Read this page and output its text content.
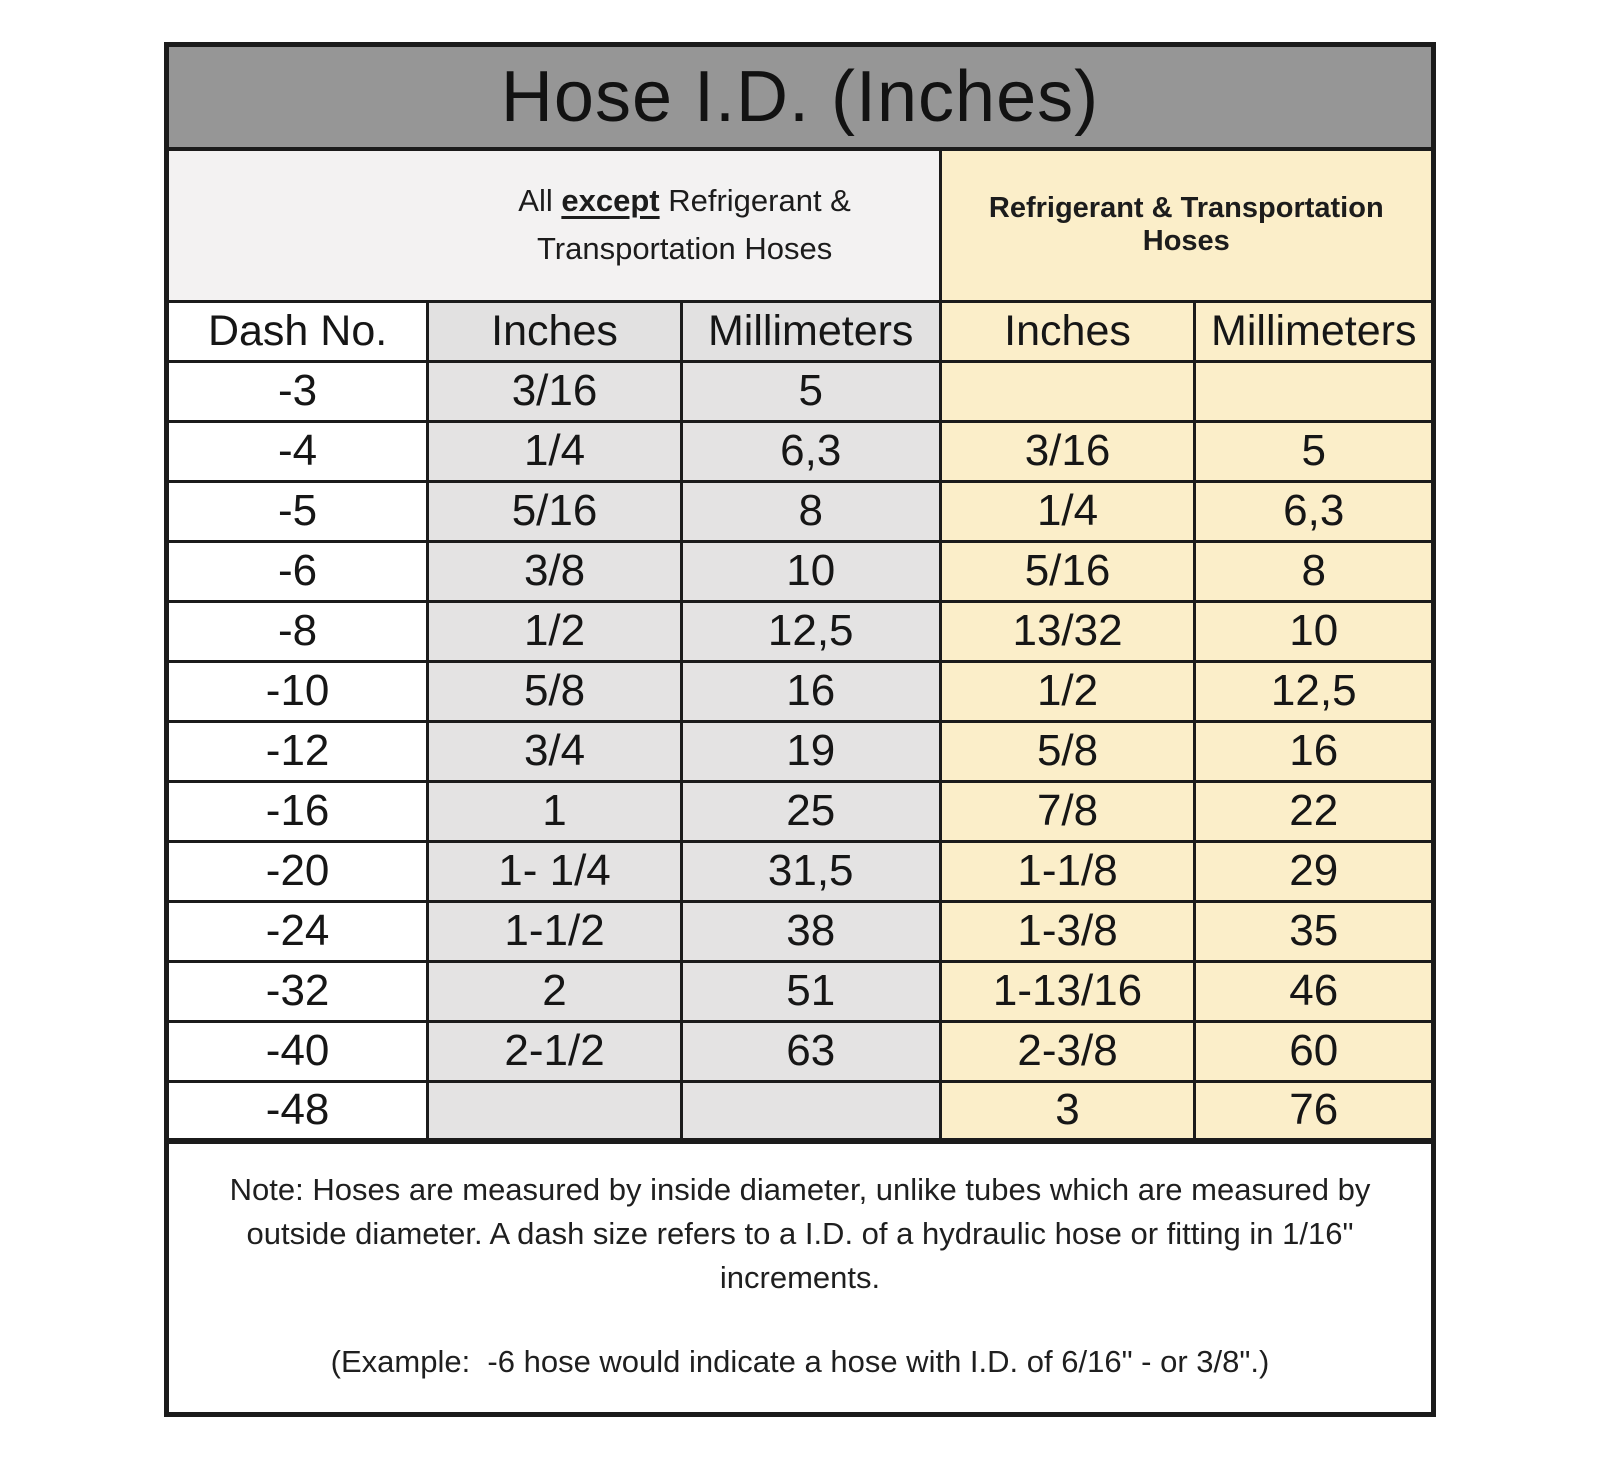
Hose I.D. (Inches)				

All except Refrigerant &
Transportation Hoses			Refrigerant & Transportation Hoses	
Dash No.	Inches	Millimeters	Inches	Millimeters
-3	3/16	5		
-4	1/4	6,3	3/16	5
-5	5/16	8	1/4	6,3
-6	3/8	10	5/16	8
-8	1/2	12,5	13/32	10
-10	5/8	16	1/2	12,5
-12	3/4	19	5/8	16
-16	1	25	7/8	22
-20	1- 1/4	31,5	1-1/8	29
-24	1-1/2	38	1-3/8	35
-32	2	51	1-13/16	46
-40	2-1/2	63	2-3/8	60
-48			3	76

Note: Hoses are measured by inside diameter, unlike tubes which are measured by outside diameter. A dash size refers to a I.D. of a hydraulic hose or fitting in 1/16" increments.

(Example:  -6 hose would indicate a hose with I.D. of 6/16" - or 3/8".)				
